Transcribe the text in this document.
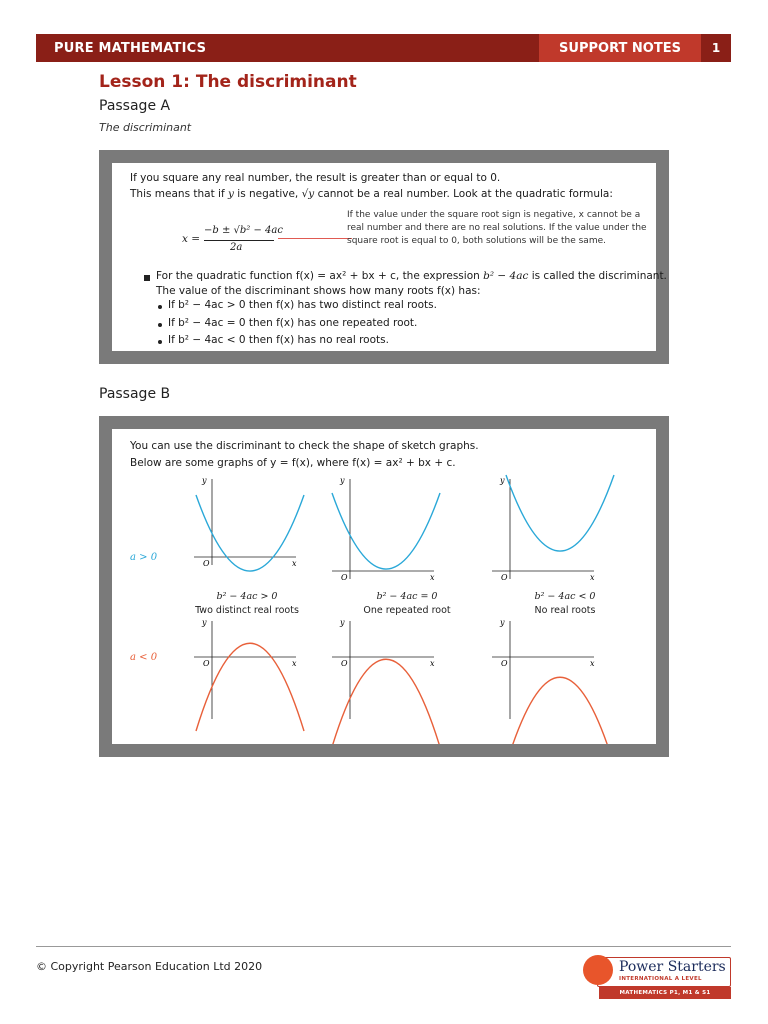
PURE MATHEMATICS	SUPPORT NOTES	1
Lesson 1: The discriminant
Passage A
The discriminant
If you square any real number, the result is greater than or equal to 0.
This means that if y is negative, √y cannot be a real number. Look at the quadratic formula:
x =
−b ± √b² − 4ac
2a
If the value under the square root sign is negative, x cannot be a real number and there are no real solutions. If the value under the square root is equal to 0, both solutions will be the same.
For the quadratic function f(x) = ax² + bx + c, the expression b² − 4ac is called the discriminant.
The value of the discriminant shows how many roots f(x) has:
If b² − 4ac > 0 then f(x) has two distinct real roots.
If b² − 4ac = 0 then f(x) has one repeated root.
If b² − 4ac < 0 then f(x) has no real roots.
Passage B
You can use the discriminant to check the shape of sketch graphs.
Below are some graphs of y = f(x), where f(x) = ax² + bx + c.
a > 0
a < 0
b² − 4ac > 0	b² − 4ac = 0	b² − 4ac < 0
Two distinct real roots	One repeated root	No real roots
y
x
O
y
x
O
y
x
O
y
x
O
y
x
O
y
x
O
© Copyright Pearson Education Ltd 2020	Power Starters
INTERNATIONAL A LEVEL
MATHEMATICS P1, M1 & S1
